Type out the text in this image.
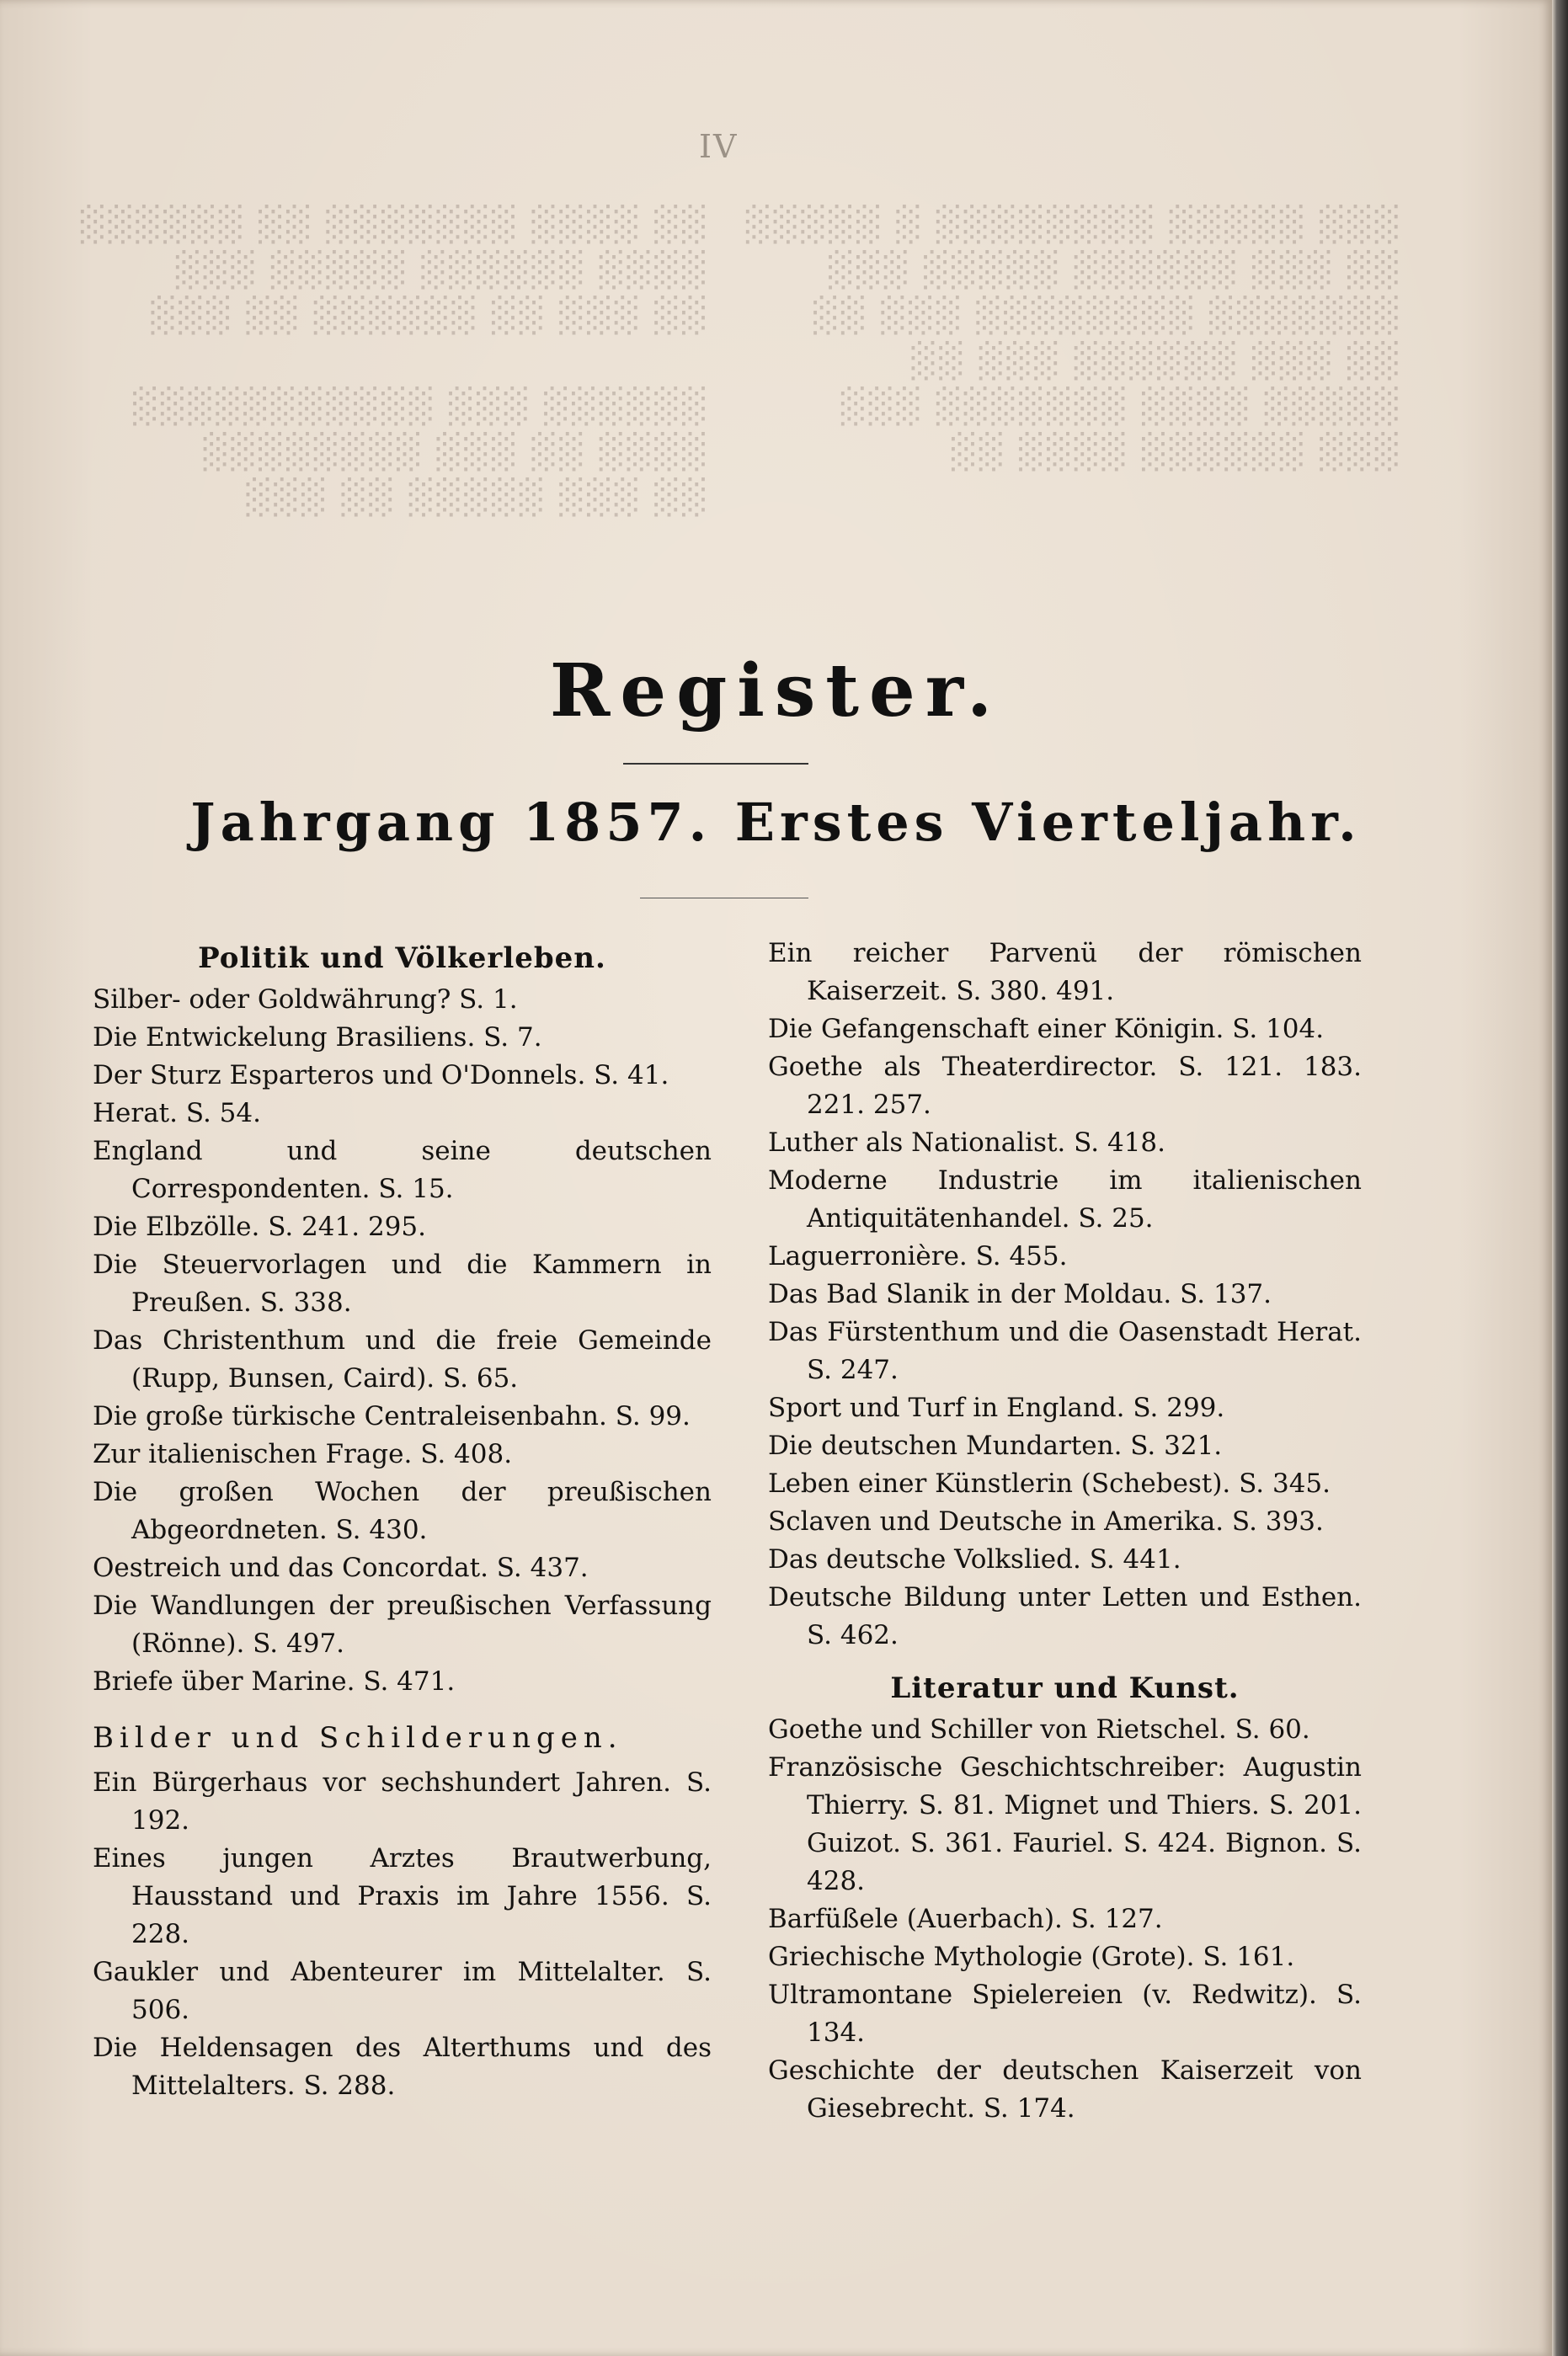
░░ ░░░░ ░░░░░░░ ░░ ░░░░░░
░░░░ ░░░░░░ ░░░░░ ░░░
░░ ░░░ ░░ ░░░░░░ ░░ ░░░

░░░░░░ ░░░ ░░░░░░░░░░░
░░░░ ░░ ░░░ ░░░░░░░░
░░ ░░░ ░░░░░ ░░ ░░░
░░░ ░░░░░ ░░░░░░░░ ░ ░░░░░
░░ ░░░ ░░░░░░ ░░░░░ ░░░
░░░░░░░ ░░░░░░░░ ░░░ ░░
░░ ░░░ ░░░░░░ ░░░ ░░
░░░░░ ░░░░ ░░░░░░░ ░░░
░░░ ░░░░░░ ░░░░ ░░
IV
Register.
Jahrgang 1857. Erstes Vierteljahr.
Politik und Völkerleben.

Silber- oder Goldwährung? S. 1.

Die Entwickelung Brasiliens. S. 7.

Der Sturz Esparteros und O'Donnels. S. 41.

Herat. S. 54.

England und seine deutschen Correspondenten. S. 15.

Die Elbzölle. S. 241. 295.

Die Steuervorlagen und die Kammern in Preußen. S. 338.

Das Christenthum und die freie Gemeinde (Rupp, Bunsen, Caird). S. 65.

Die große türkische Centraleisenbahn. S. 99.

Zur italienischen Frage. S. 408.

Die großen Wochen der preußischen Abgeordneten. S. 430.

Oestreich und das Concordat. S. 437.

Die Wandlungen der preußischen Verfassung (Rönne). S. 497.

Briefe über Marine. S. 471.

Bilder und Schilderungen.

Ein Bürgerhaus vor sechshundert Jahren. S. 192.

Eines jungen Arztes Brautwerbung, Hausstand und Praxis im Jahre 1556. S. 228.

Gaukler und Abenteurer im Mittelalter. S. 506.

Die Heldensagen des Alterthums und des Mittelalters. S. 288.

Ein reicher Parvenü der römischen Kaiserzeit. S. 380. 491.

Die Gefangenschaft einer Königin. S. 104.

Goethe als Theaterdirector. S. 121. 183. 221. 257.

Luther als Nationalist. S. 418.

Moderne Industrie im italienischen Antiquitätenhandel. S. 25.

Laguerronière. S. 455.

Das Bad Slanik in der Moldau. S. 137.

Das Fürstenthum und die Oasenstadt Herat. S. 247.

Sport und Turf in England. S. 299.

Die deutschen Mundarten. S. 321.

Leben einer Künstlerin (Schebest). S. 345.

Sclaven und Deutsche in Amerika. S. 393.

Das deutsche Volkslied. S. 441.

Deutsche Bildung unter Letten und Esthen. S. 462.

Literatur und Kunst.

Goethe und Schiller von Rietschel. S. 60.

Französische Geschichtschreiber: Augustin Thierry. S. 81. Mignet und Thiers. S. 201. Guizot. S. 361. Fauriel. S. 424. Bignon. S. 428.

Barfüßele (Auerbach). S. 127.

Griechische Mythologie (Grote). S. 161.

Ultramontane Spielereien (v. Redwitz). S. 134.

Geschichte der deutschen Kaiserzeit von Giesebrecht. S. 174.
